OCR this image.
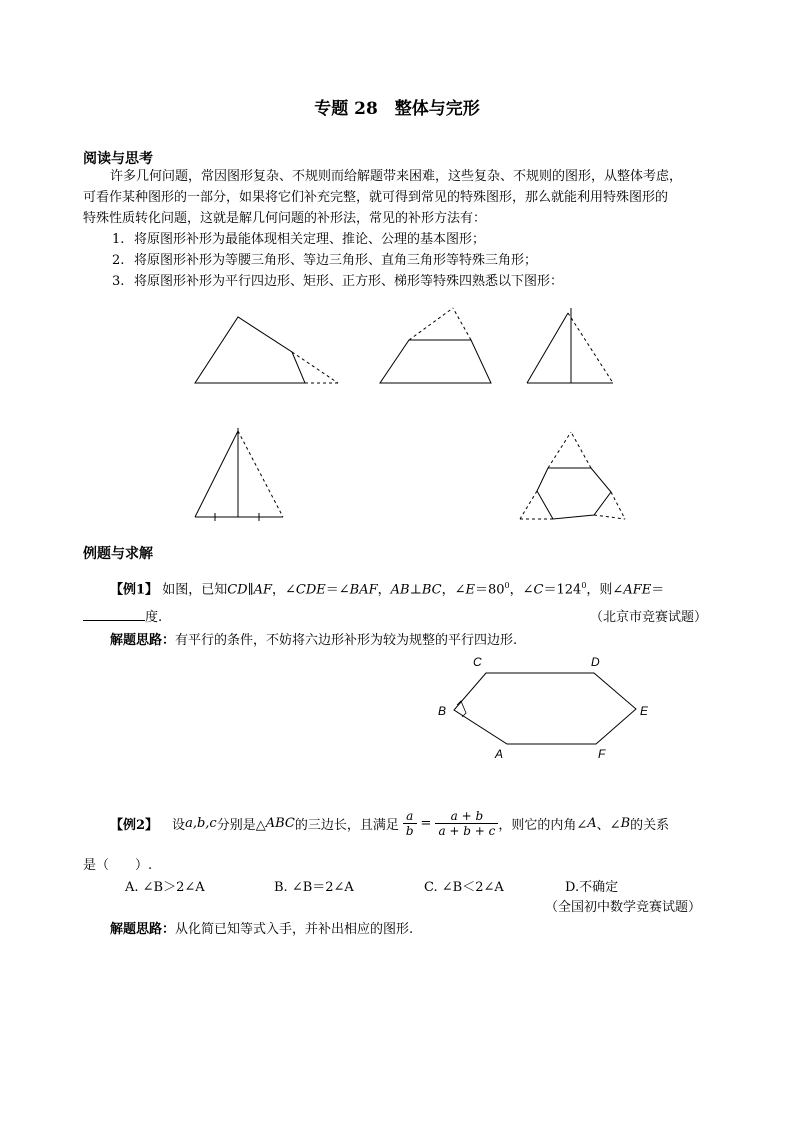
专题 28　整体与完形
阅读与思考
许多几何问题，常因图形复杂、不规则而给解题带来困难，这些复杂、不规则的图形，从整体考虑，
可看作某种图形的一部分，如果将它们补充完整，就可得到常见的特殊图形，那么就能利用特殊图形的
特殊性质转化问题，这就是解几何问题的补形法，常见的补形方法有：
1. 将原图形补形为最能体现相关定理、推论、公理的基本图形；
2. 将原图形补形为等腰三角形、等边三角形、直角三角形等特殊三角形；
3. 将原图形补形为平行四边形、矩形、正方形、梯形等特殊四熟悉以下图形：
例题与求解
【例1】 如图，已知CD∥AF，∠CDE＝∠BAF，AB⊥BC，$\angle E=80^0$，$\angle C=124^0$，则∠AFE＝
度.	（北京市竞赛试题）
解题思路：有平行的条件，不妨将六边形补形为较为规整的平行四边形.
C	D
B	E
A	F
【例2】 设 a,b,c 分别是△ ABC 的三边长，且满足 $\frac{a}{b} = \frac{a + b}{a + b + c}$ ，则它的内角∠ A 、∠ B 的关系
是（　　）.
A. ∠B＞2∠A	B. ∠B＝2∠A	C. ∠B＜2∠A	D.不确定
（全国初中数学竞赛试题）
解题思路：从化简已知等式入手，并补出相应的图形.
